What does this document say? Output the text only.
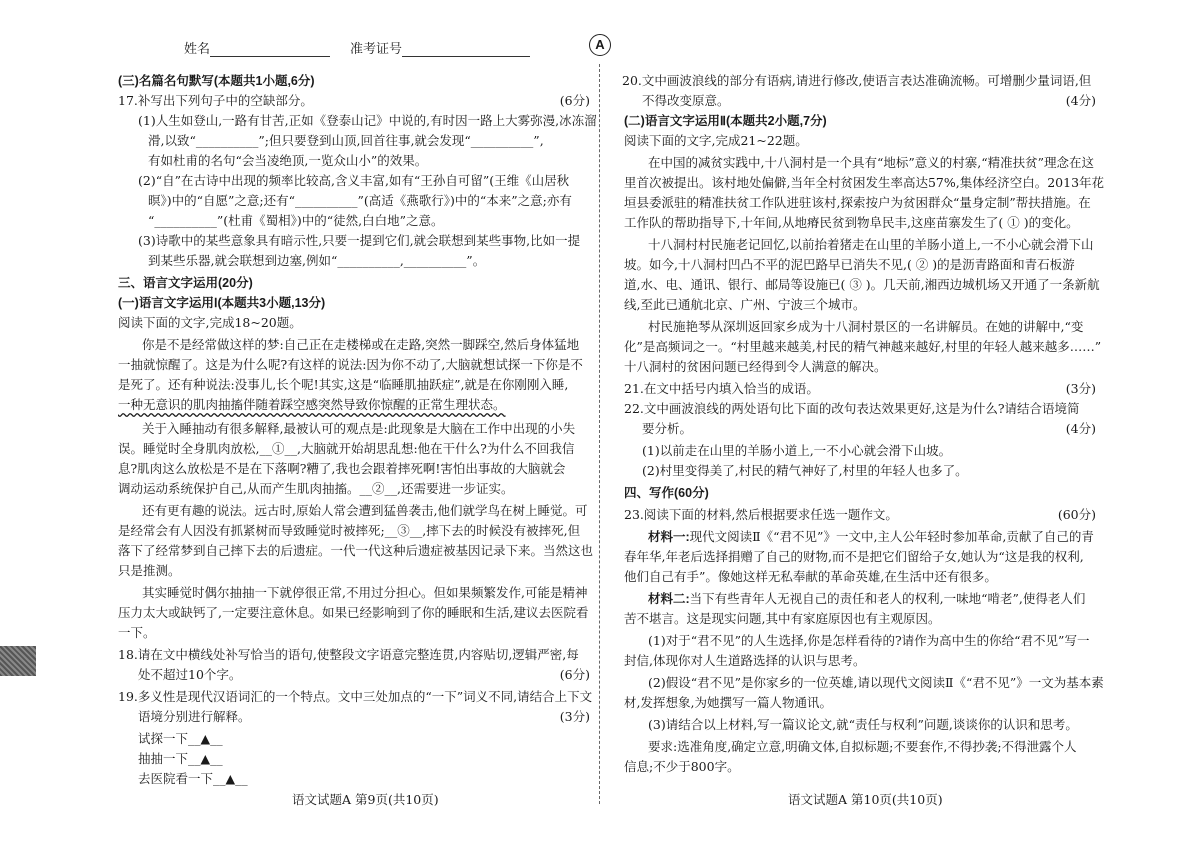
姓名	准考证号	A
(三)名篇名句默写(本题共1小题,6分)
17.补写出下列句子中的空缺部分。	(6分)
(1)人生如登山,一路有甘苦,正如《登泰山记》中说的,有时因一路上大雾弥漫,冰冻溜
滑,以致“__________”;但只要登到山顶,回首往事,就会发现“__________”,
有如杜甫的名句“会当凌绝顶,一览众山小”的效果。
(2)“自”在古诗中出现的频率比较高,含义丰富,如有“王孙自可留”(王维《山居秋
暝》)中的“自愿”之意;还有“__________”(高适《燕歌行》)中的“本来”之意;亦有
“__________”(杜甫《蜀相》)中的“徒然,白白地”之意。
(3)诗歌中的某些意象具有暗示性,只要一提到它们,就会联想到某些事物,比如一提
到某些乐器,就会联想到边塞,例如“__________,__________”。
三、语言文字运用(20分)
(一)语言文字运用Ⅰ(本题共3小题,13分)
阅读下面的文字,完成18~20题。
你是不是经常做这样的梦:自己正在走楼梯或在走路,突然一脚踩空,然后身体猛地
一抽就惊醒了。这是为什么呢?有这样的说法:因为你不动了,大脑就想试探一下你是不
是死了。还有种说法:没事儿,长个呢!其实,这是“临睡肌抽跃症”,就是在你刚刚入睡,
一种无意识的肌肉抽搐伴随着踩空感突然导致你惊醒的正常生理状态。
关于入睡抽动有很多解释,最被认可的观点是:此现象是大脑在工作中出现的小失
误。睡觉时全身肌肉放松,__①__,大脑就开始胡思乱想:他在干什么?为什么不回我信
息?肌肉这么放松是不是在下落啊?糟了,我也会跟着摔死啊!害怕出事故的大脑就会
调动运动系统保护自己,从而产生肌肉抽搐。__②__,还需要进一步证实。
还有更有趣的说法。远古时,原始人常会遭到猛兽袭击,他们就学鸟在树上睡觉。可
是经常会有人因没有抓紧树而导致睡觉时被摔死;__③__,摔下去的时候没有被摔死,但
落下了经常梦到自己摔下去的后遗症。一代一代这种后遗症被基因记录下来。当然这也
只是推测。
其实睡觉时偶尔抽抽一下就停很正常,不用过分担心。但如果频繁发作,可能是精神
压力太大或缺钙了,一定要注意休息。如果已经影响到了你的睡眠和生活,建议去医院看
一下。
18.请在文中横线处补写恰当的语句,使整段文字语意完整连贯,内容贴切,逻辑严密,每
处不超过10个字。	(6分)
19.多义性是现代汉语词汇的一个特点。文中三处加点的“一下”词义不同,请结合上下文
语境分别进行解释。	(3分)
试探一下__▲__
抽抽一下__▲__
去医院看一下__▲__
20.文中画波浪线的部分有语病,请进行修改,使语言表达准确流畅。可增删少量词语,但
不得改变原意。	(4分)
(二)语言文字运用Ⅱ(本题共2小题,7分)
阅读下面的文字,完成21~22题。
在中国的减贫实践中,十八洞村是一个具有“地标”意义的村寨,“精准扶贫”理念在这
里首次被提出。该村地处偏僻,当年全村贫困发生率高达57%,集体经济空白。2013年花
垣县委派驻的精准扶贫工作队进驻该村,探索按户为贫困群众“量身定制”帮扶措施。在
工作队的帮助指导下,十年间,从地瘠民贫到物阜民丰,这座苗寨发生了( ① )的变化。
十八洞村村民施老记回忆,以前抬着猪走在山里的羊肠小道上,一不小心就会滑下山
坡。如今,十八洞村凹凸不平的泥巴路早已消失不见,( ② )的是沥青路面和青石板游
道,水、电、通讯、银行、邮局等设施已( ③ )。几天前,湘西边城机场又开通了一条新航
线,至此已通航北京、广州、宁波三个城市。
村民施艳琴从深圳返回家乡成为十八洞村景区的一名讲解员。在她的讲解中,“变
化”是高频词之一。“村里越来越美,村民的精气神越来越好,村里的年轻人越来越多……”
十八洞村的贫困问题已经得到令人满意的解决。
21.在文中括号内填入恰当的成语。	(3分)
22.文中画波浪线的两处语句比下面的改句表达效果更好,这是为什么?请结合语境简
要分析。	(4分)
(1)以前走在山里的羊肠小道上,一不小心就会滑下山坡。
(2)村里变得美了,村民的精气神好了,村里的年轻人也多了。
四、写作(60分)
23.阅读下面的材料,然后根据要求任选一题作文。	(60分)
材料一:现代文阅读Ⅱ《“君不见”》一文中,主人公年轻时参加革命,贡献了自己的青
春年华,年老后选择捐赠了自己的财物,而不是把它们留给子女,她认为“这是我的权利,
他们自己有手”。像她这样无私奉献的革命英雄,在生活中还有很多。
材料二:当下有些青年人无视自己的责任和老人的权利,一味地“啃老”,使得老人们
苦不堪言。这是现实问题,其中有家庭原因也有主观原因。
(1)对于“君不见”的人生选择,你是怎样看待的?请作为高中生的你给“君不见”写一
封信,体现你对人生道路选择的认识与思考。
(2)假设“君不见”是你家乡的一位英雄,请以现代文阅读Ⅱ《“君不见”》一文为基本素
材,发挥想象,为她撰写一篇人物通讯。
(3)请结合以上材料,写一篇议论文,就“责任与权利”问题,谈谈你的认识和思考。
要求:选准角度,确定立意,明确文体,自拟标题;不要套作,不得抄袭;不得泄露个人
信息;不少于800字。
语文试题A 第9页(共10页)	语文试题A 第10页(共10页)
